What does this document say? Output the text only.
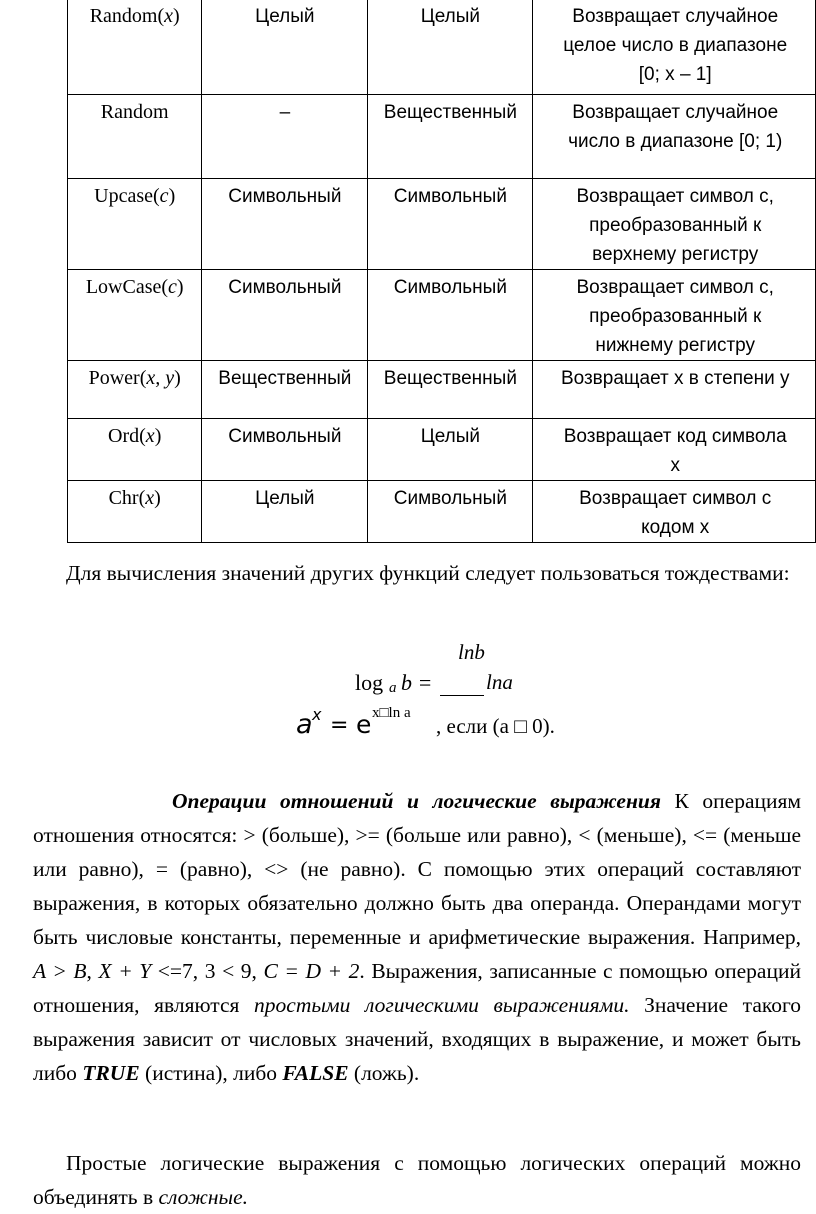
Random(x)	Целый	Целый	Возвращает случайное
целое число в диапазоне
[0; x – 1]

Random	–	Вещественный	Возвращает случайное
число в диапазоне [0; 1)

Upcase(c)	Символьный	Символьный	Возвращает символ c,
преобразованный к
верхнему регистру

LowCase(c)	Символьный	Символьный	Возвращает символ c,
преобразованный к
нижнему регистру

Power(x, y)	Вещественный	Вещественный	Возвращает x в степени y

Ord(x)	Символьный	Целый	Возвращает код символа
x

Chr(x)	Целый	Символьный	Возвращает символ с
кодом x

Для вычисления значений других функций следует пользоваться тождествами:

lnb
log a b =	lna
a x = e x□ln a
, если (a □ 0).

Операции отношений и логические выражения К операциям отношения относятся: > (больше), >= (больше или равно), < (меньше), <= (меньше или равно), = (равно), <> (не равно). С помощью этих операций составляют выражения, в которых обязательно должно быть два операнда. Операндами могут быть числовые константы, переменные и арифметические выражения. Например, A > B, X + Y <=7, 3 < 9, C = D + 2. Выражения, записанные с помощью операций отношения, являются простыми логическими выражениями. Значение такого выражения зависит от числовых значений, входящих в выражение, и может быть либо TRUE (истина), либо FALSE (ложь).

Простые логические выражения с помощью логических операций можно объединять в сложные.
